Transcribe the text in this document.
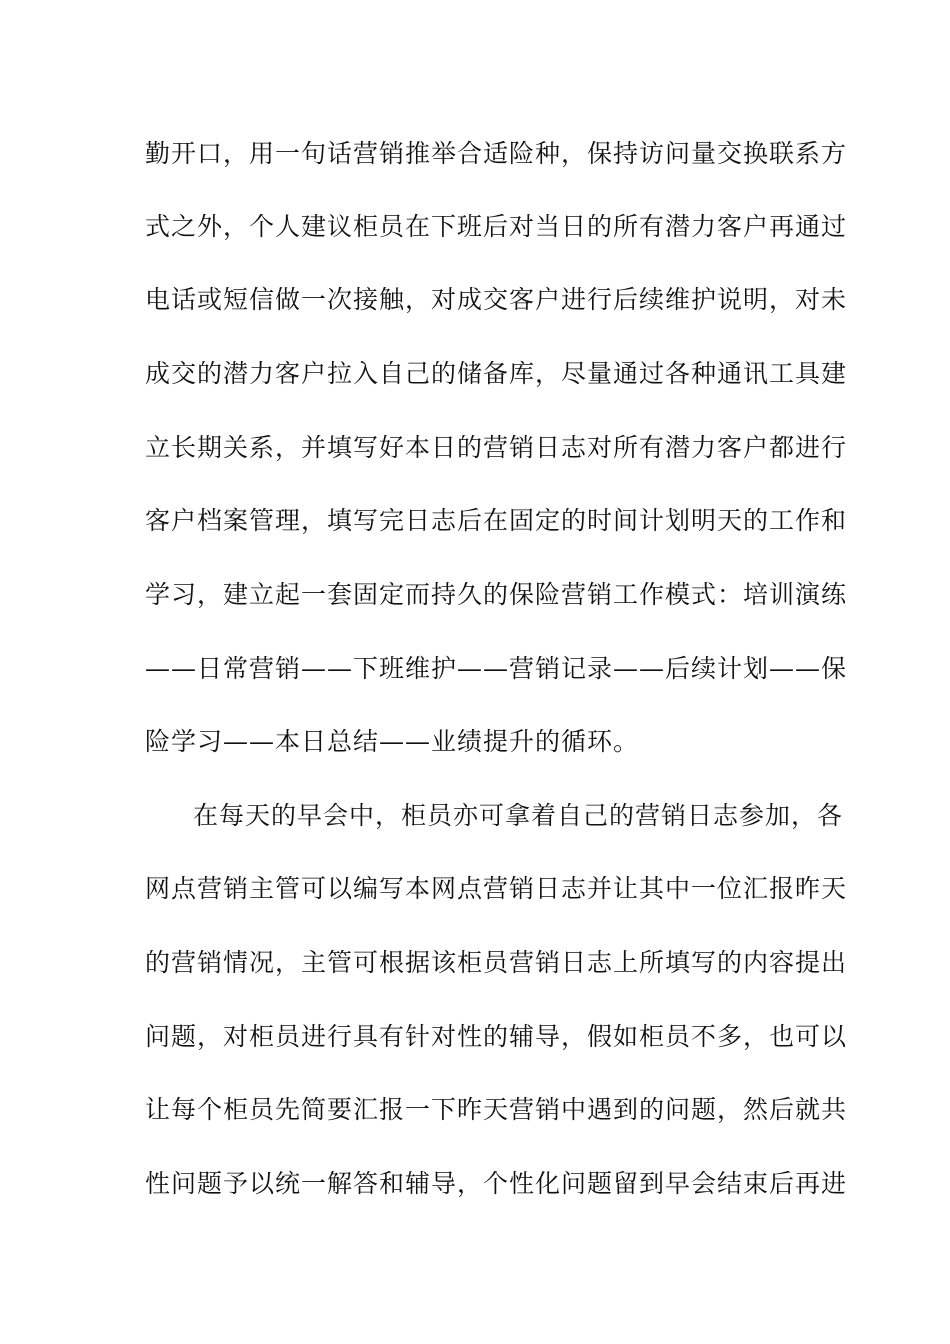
勤开口，用一句话营销推举合适险种，保持访问量交换联系方
式之外，个人建议柜员在下班后对当日的所有潜力客户再通过
电话或短信做一次接触，对成交客户进行后续维护说明，对未
成交的潜力客户拉入自己的储备库，尽量通过各种通讯工具建
立长期关系，并填写好本日的营销日志对所有潜力客户都进行
客户档案管理，填写完日志后在固定的时间计划明天的工作和
学习，建立起一套固定而持久的保险营销工作模式：培训演练
——日常营销——下班维护——营销记录——后续计划——保
险学习——本日总结——业绩提升的循环。
在每天的早会中，柜员亦可拿着自己的营销日志参加，各
网点营销主管可以编写本网点营销日志并让其中一位汇报昨天
的营销情况，主管可根据该柜员营销日志上所填写的内容提出
问题，对柜员进行具有针对性的辅导，假如柜员不多，也可以
让每个柜员先简要汇报一下昨天营销中遇到的问题，然后就共
性问题予以统一解答和辅导，个性化问题留到早会结束后再进
